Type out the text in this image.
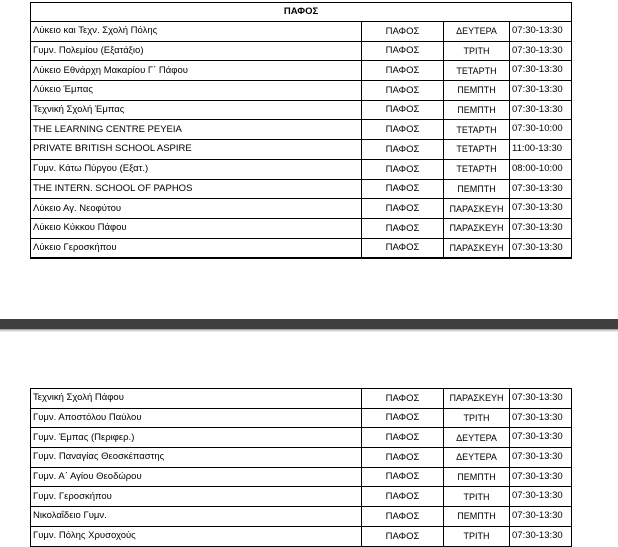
ΠΑΦΟΣ			
Λύκειο και Τεχν. Σχολή Πόλης	ΠΑΦΟΣ	ΔΕΥΤΕΡΑ	07:30-13:30
Γυμν. Πολεμίου (Εξατάξιο)	ΠΑΦΟΣ	ΤΡΙΤΗ	07:30-13:30
Λύκειο Εθνάρχη Μακαρίου Γ΄ Πάφου	ΠΑΦΟΣ	ΤΕΤΑΡΤΗ	07:30-13:30
Λύκειο Έμπας	ΠΑΦΟΣ	ΠΕΜΠΤΗ	07:30-13:30
Τεχνική Σχολή Έμπας	ΠΑΦΟΣ	ΠΕΜΠΤΗ	07:30-13:30
THE LEARNING CENTRE PEYEIA	ΠΑΦΟΣ	ΤΕΤΑΡΤΗ	07:30-10:00
PRIVATE BRITISH SCHOOL ASPIRE	ΠΑΦΟΣ	ΤΕΤΑΡΤΗ	11:00-13:30
Γυμν. Κάτω Πύργου (Εξατ.)	ΠΑΦΟΣ	ΤΕΤΑΡΤΗ	08:00-10:00
THE INTERN. SCHOOL OF PAPHOS	ΠΑΦΟΣ	ΠΕΜΠΤΗ	07:30-13:30
Λύκειο Αγ. Νεοφύτου	ΠΑΦΟΣ	ΠΑΡΑΣΚΕΥΗ	07:30-13:30
Λύκειο Κύκκου Πάφου	ΠΑΦΟΣ	ΠΑΡΑΣΚΕΥΗ	07:30-13:30
Λύκειο Γεροσκήπου	ΠΑΦΟΣ	ΠΑΡΑΣΚΕΥΗ	07:30-13:30
Τεχνική Σχολή Πάφου	ΠΑΦΟΣ	ΠΑΡΑΣΚΕΥΗ	07:30-13:30
Γυμν. Αποστόλου Παύλου	ΠΑΦΟΣ	ΤΡΙΤΗ	07:30-13:30
Γυμν. Έμπας (Περιφερ.)	ΠΑΦΟΣ	ΔΕΥΤΕΡΑ	07:30-13:30
Γυμν. Παναγίας Θεοσκέπαστης	ΠΑΦΟΣ	ΔΕΥΤΕΡΑ	07:30-13:30
Γυμν. Α΄ Αγίου Θεοδώρου	ΠΑΦΟΣ	ΠΕΜΠΤΗ	07:30-13:30
Γυμν. Γεροσκήπου	ΠΑΦΟΣ	ΤΡΙΤΗ	07:30-13:30
Νικολαΐδειο Γυμν.	ΠΑΦΟΣ	ΠΕΜΠΤΗ	07:30-13:30
Γυμν. Πόλης Χρυσοχούς	ΠΑΦΟΣ	ΤΡΙΤΗ	07:30-13:30
